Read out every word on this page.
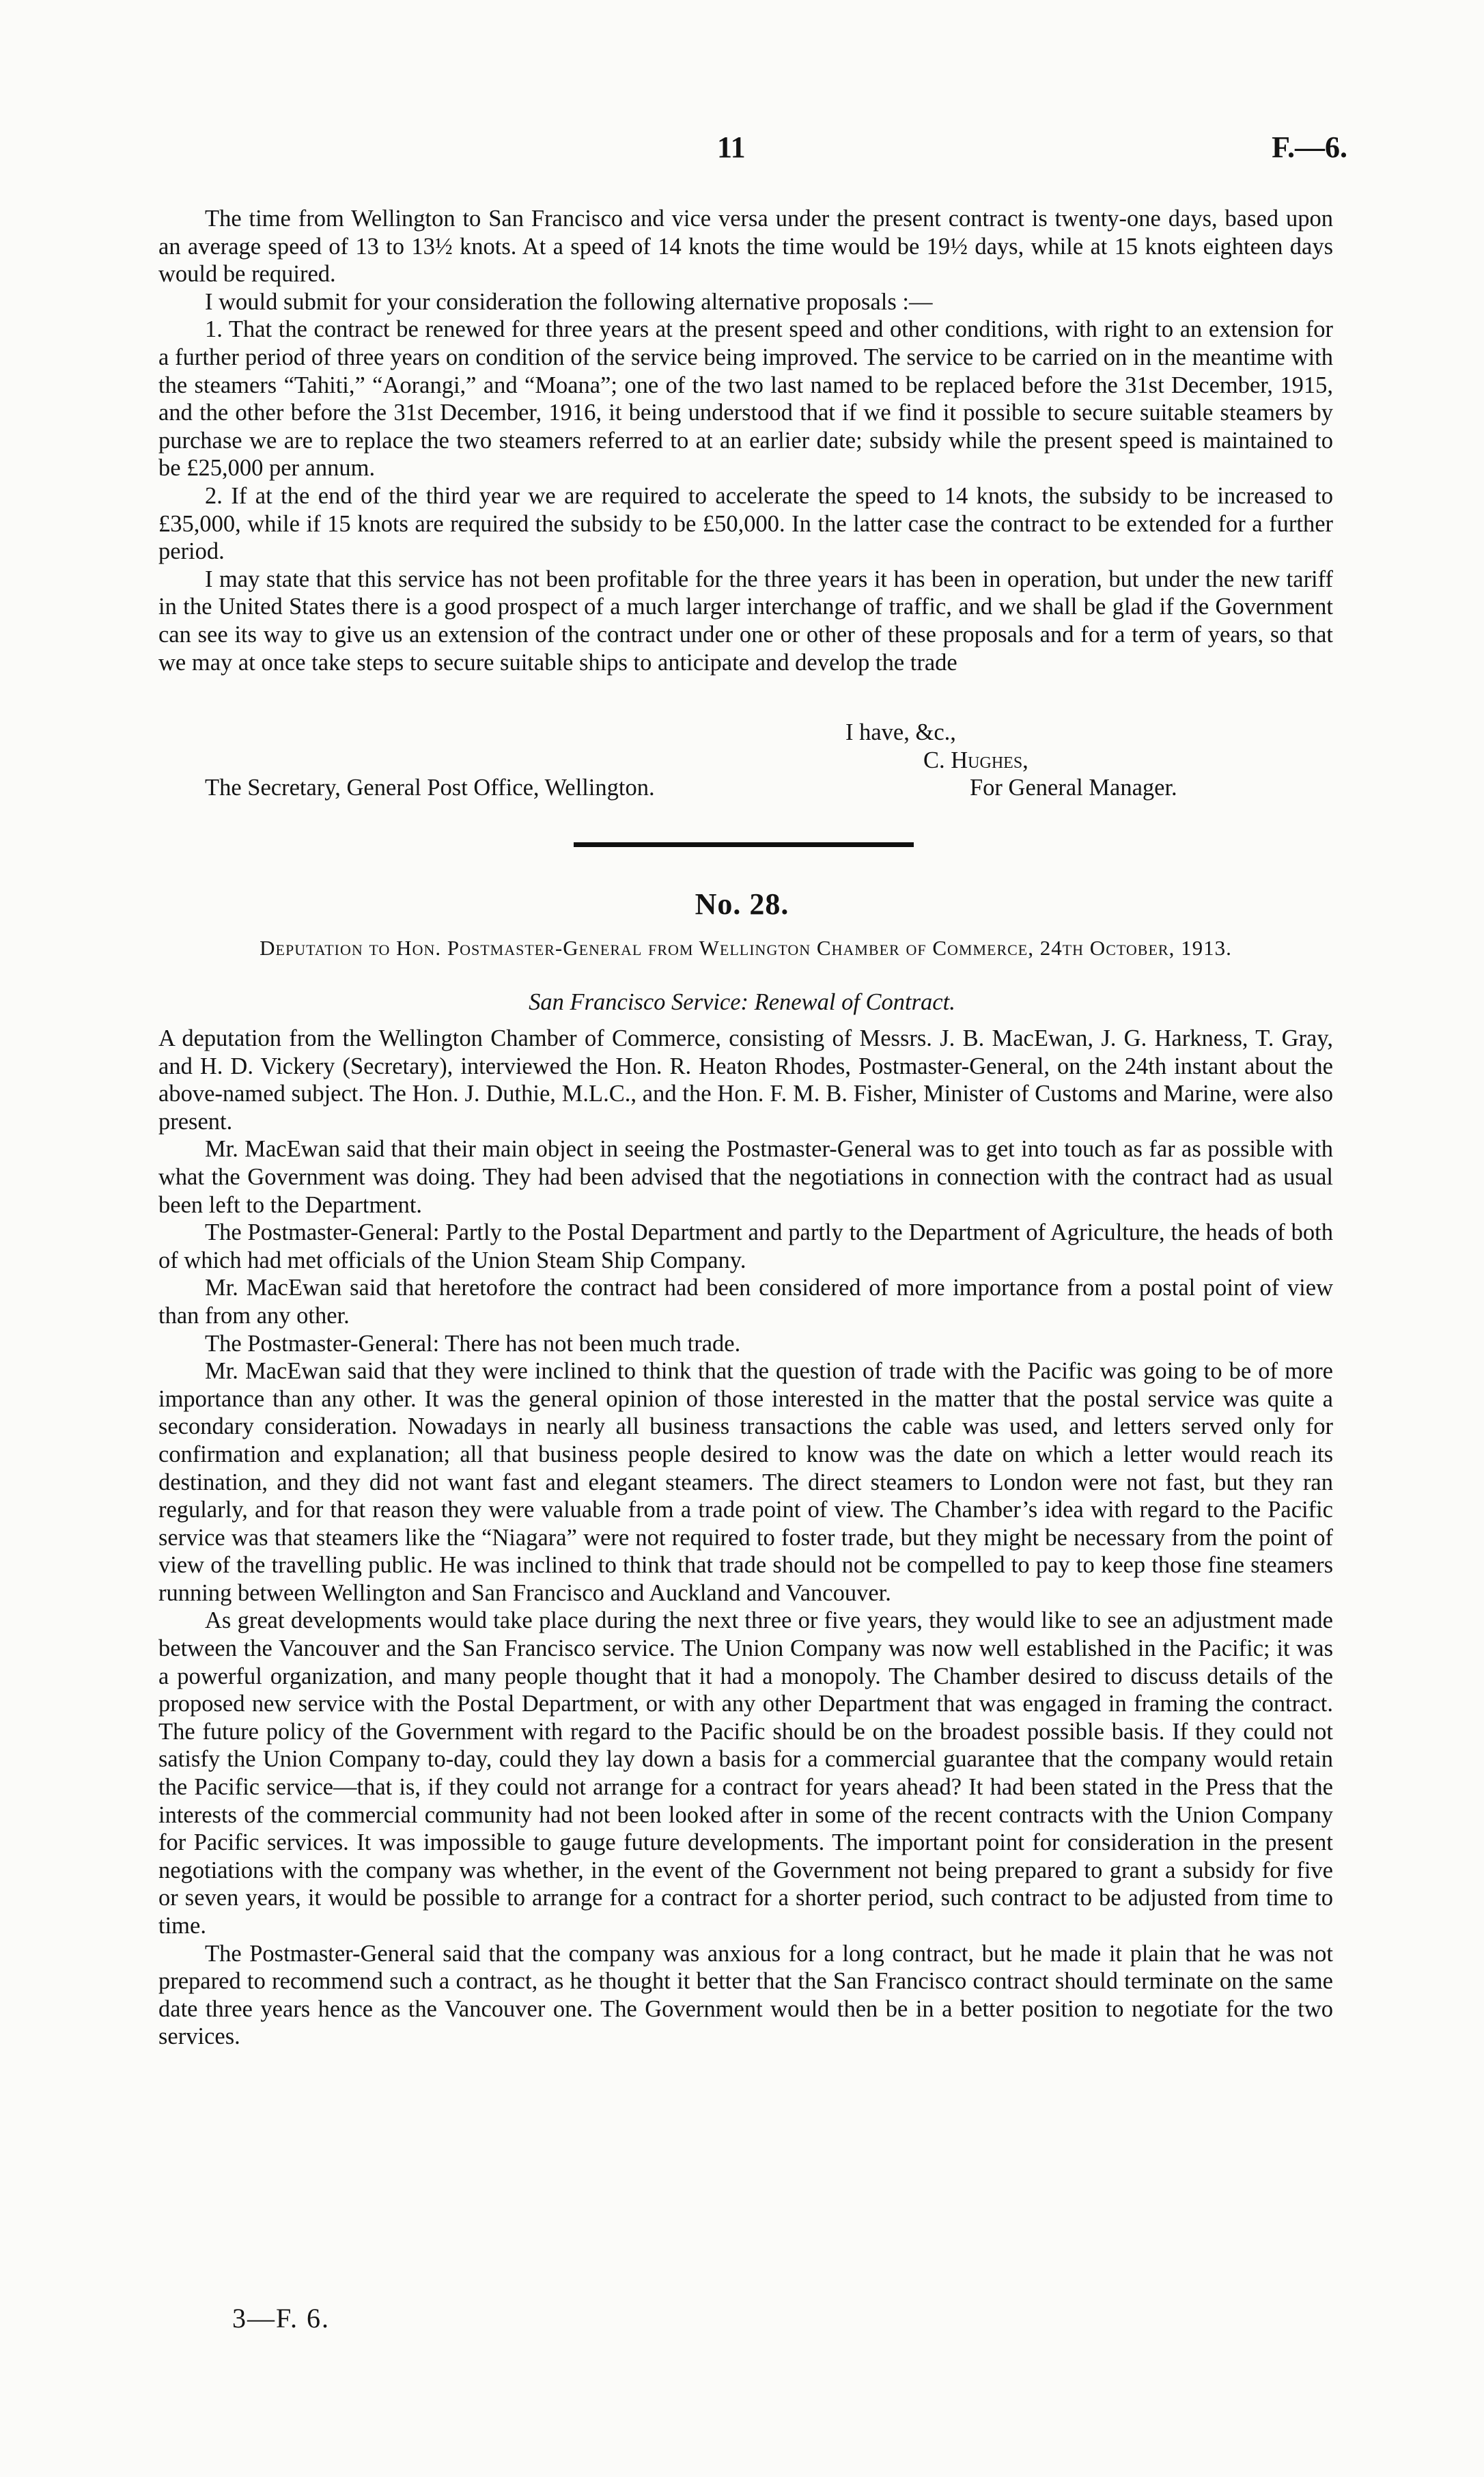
11	F.—6.

The time from Wellington to San Francisco and vice versa under the present contract is twenty-one days, based upon an average speed of 13 to 13½ knots. At a speed of 14 knots the time would be 19½ days, while at 15 knots eighteen days would be required.

I would submit for your consideration the following alternative proposals :—

1. That the contract be renewed for three years at the present speed and other conditions, with right to an extension for a further period of three years on condition of the service being improved. The service to be carried on in the meantime with the steamers “Tahiti,” “Aorangi,” and “Moana”; one of the two last named to be replaced before the 31st December, 1915, and the other before the 31st December, 1916, it being understood that if we find it possible to secure suitable steamers by purchase we are to replace the two steamers referred to at an earlier date; subsidy while the present speed is maintained to be £25,000 per annum.

2. If at the end of the third year we are required to accelerate the speed to 14 knots, the subsidy to be increased to £35,000, while if 15 knots are required the subsidy to be £50,000. In the latter case the contract to be extended for a further period.

I may state that this service has not been profitable for the three years it has been in operation, but under the new tariff in the United States there is a good prospect of a much larger interchange of traffic, and we shall be glad if the Government can see its way to give us an extension of the contract under one or other of these proposals and for a term of years, so that we may at once take steps to secure suitable ships to anticipate and develop the trade

I have, &c.,
C. Hughes,
The Secretary, General Post Office, Wellington.	For General Manager.
No. 28.
Deputation to Hon. Postmaster-General from Wellington Chamber of Commerce, 24th October, 1913.
San Francisco Service: Renewal of Contract.

A deputation from the Wellington Chamber of Commerce, consisting of Messrs. J. B. MacEwan, J. G. Harkness, T. Gray, and H. D. Vickery (Secretary), interviewed the Hon. R. Heaton Rhodes, Postmaster-General, on the 24th instant about the above-named subject. The Hon. J. Duthie, M.L.C., and the Hon. F. M. B. Fisher, Minister of Customs and Marine, were also present.

Mr. MacEwan said that their main object in seeing the Postmaster-General was to get into touch as far as possible with what the Government was doing. They had been advised that the negotiations in connection with the contract had as usual been left to the Department.

The Postmaster-General: Partly to the Postal Department and partly to the Department of Agriculture, the heads of both of which had met officials of the Union Steam Ship Company.

Mr. MacEwan said that heretofore the contract had been considered of more importance from a postal point of view than from any other.

The Postmaster-General: There has not been much trade.

Mr. MacEwan said that they were inclined to think that the question of trade with the Pacific was going to be of more importance than any other. It was the general opinion of those interested in the matter that the postal service was quite a secondary consideration. Nowadays in nearly all business transactions the cable was used, and letters served only for confirmation and explanation; all that business people desired to know was the date on which a letter would reach its destination, and they did not want fast and elegant steamers. The direct steamers to London were not fast, but they ran regularly, and for that reason they were valuable from a trade point of view. The Chamber’s idea with regard to the Pacific service was that steamers like the “Niagara” were not required to foster trade, but they might be necessary from the point of view of the travelling public. He was inclined to think that trade should not be compelled to pay to keep those fine steamers running between Wellington and San Francisco and Auckland and Vancouver.

As great developments would take place during the next three or five years, they would like to see an adjustment made between the Vancouver and the San Francisco service. The Union Company was now well established in the Pacific; it was a powerful organization, and many people thought that it had a monopoly. The Chamber desired to discuss details of the proposed new service with the Postal Department, or with any other Department that was engaged in framing the contract. The future policy of the Government with regard to the Pacific should be on the broadest possible basis. If they could not satisfy the Union Company to-day, could they lay down a basis for a commercial guarantee that the company would retain the Pacific service—that is, if they could not arrange for a contract for years ahead? It had been stated in the Press that the interests of the commercial community had not been looked after in some of the recent contracts with the Union Company for Pacific services. It was impossible to gauge future developments. The important point for consideration in the present negotiations with the company was whether, in the event of the Government not being prepared to grant a subsidy for five or seven years, it would be possible to arrange for a contract for a shorter period, such contract to be adjusted from time to time.

The Postmaster-General said that the company was anxious for a long contract, but he made it plain that he was not prepared to recommend such a contract, as he thought it better that the San Francisco contract should terminate on the same date three years hence as the Vancouver one. The Government would then be in a better position to negotiate for the two services.

3—F. 6.
